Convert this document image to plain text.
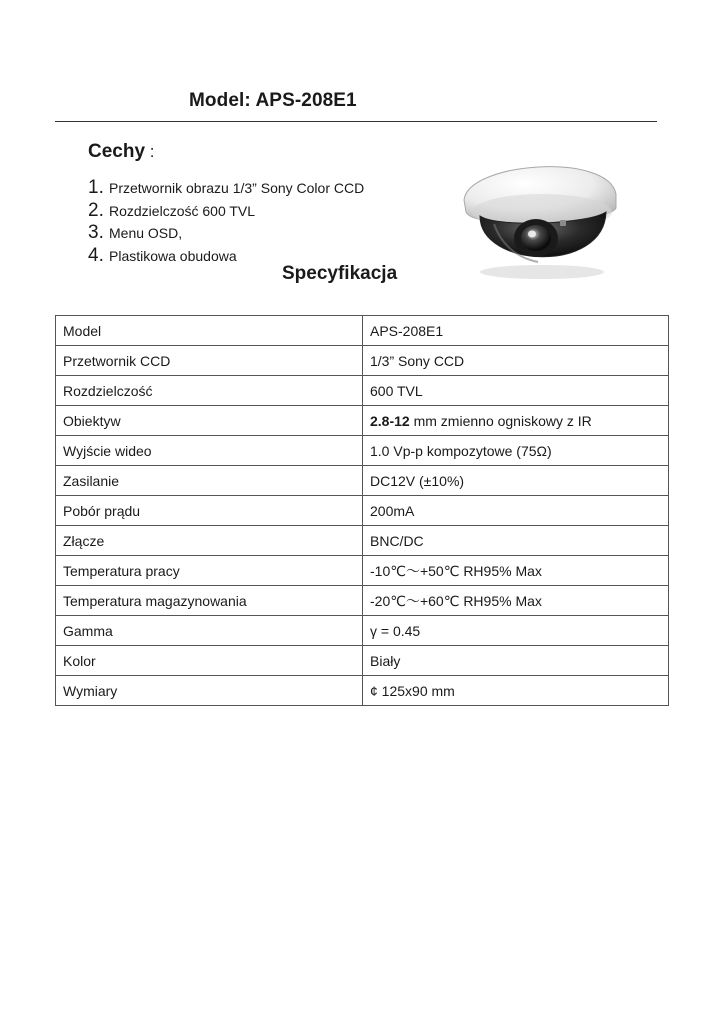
Model: APS-208E1
Cechy :
1. Przetwornik obrazu 1/3” Sony Color CCD
2. Rozdzielczość 600 TVL
3. Menu OSD,
4. Plastikowa obudowa
Specyfikacja
Model	APS-208E1
Przetwornik CCD	1/3” Sony CCD
Rozdzielczość	600 TVL
Obiektyw	2.8-12 mm zmienno ogniskowy z IR
Wyjście wideo	1.0 Vp-p kompozytowe (75Ω)
Zasilanie	DC12V (±10%)
Pobór prądu	200mA
Złącze	BNC/DC
Temperatura pracy	-10℃～+50℃ RH95% Max
Temperatura magazynowania	-20℃～+60℃ RH95% Max
Gamma	γ = 0.45
Kolor	Biały
Wymiary	¢ 125x90 mm
